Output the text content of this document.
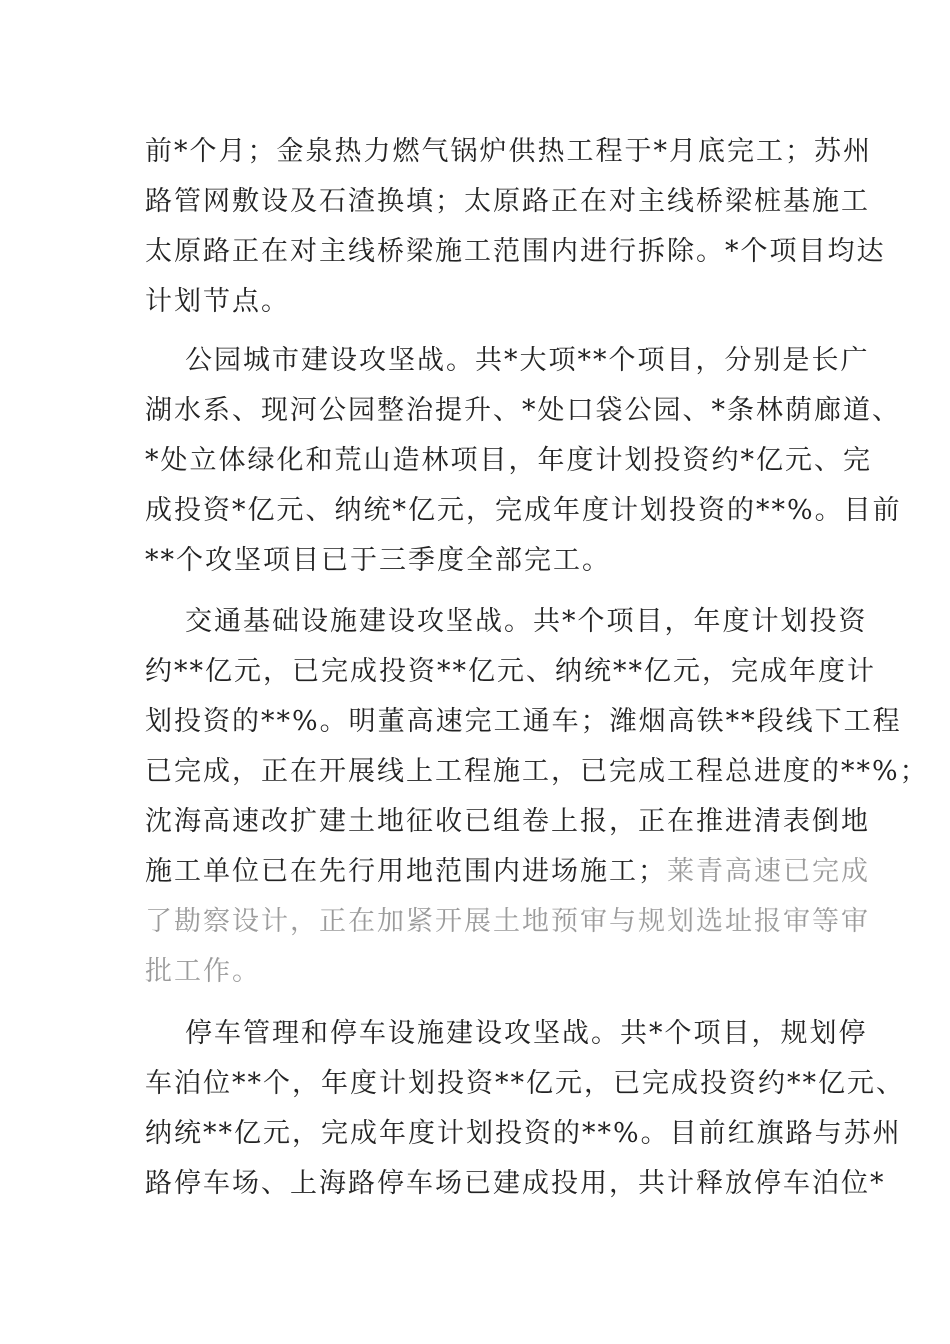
前*个月；金泉热力燃气锅炉供热工程于*月底完工；苏州
路管网敷设及石渣换填；太原路正在对主线桥梁桩基施工
太原路正在对主线桥梁施工范围内进行拆除。*个项目均达
计划节点。
公园城市建设攻坚战。共*大项**个项目，分别是长广
湖水系、现河公园整治提升、*处口袋公园、*条林荫廊道、
*处立体绿化和荒山造林项目，年度计划投资约*亿元、完
成投资*亿元、纳统*亿元，完成年度计划投资的**%。目前
**个攻坚项目已于三季度全部完工。
交通基础设施建设攻坚战。共*个项目，年度计划投资
约**亿元，已完成投资**亿元、纳统**亿元，完成年度计
划投资的**%。明董高速完工通车；潍烟高铁**段线下工程
已完成，正在开展线上工程施工，已完成工程总进度的**%；
沈海高速改扩建土地征收已组卷上报，正在推进清表倒地
施工单位已在先行用地范围内进场施工；莱青高速已完成
了勘察设计，正在加紧开展土地预审与规划选址报审等审
批工作。
停车管理和停车设施建设攻坚战。共*个项目，规划停
车泊位**个，年度计划投资**亿元，已完成投资约**亿元、
纳统**亿元，完成年度计划投资的**%。目前红旗路与苏州
路停车场、上海路停车场已建成投用，共计释放停车泊位*
